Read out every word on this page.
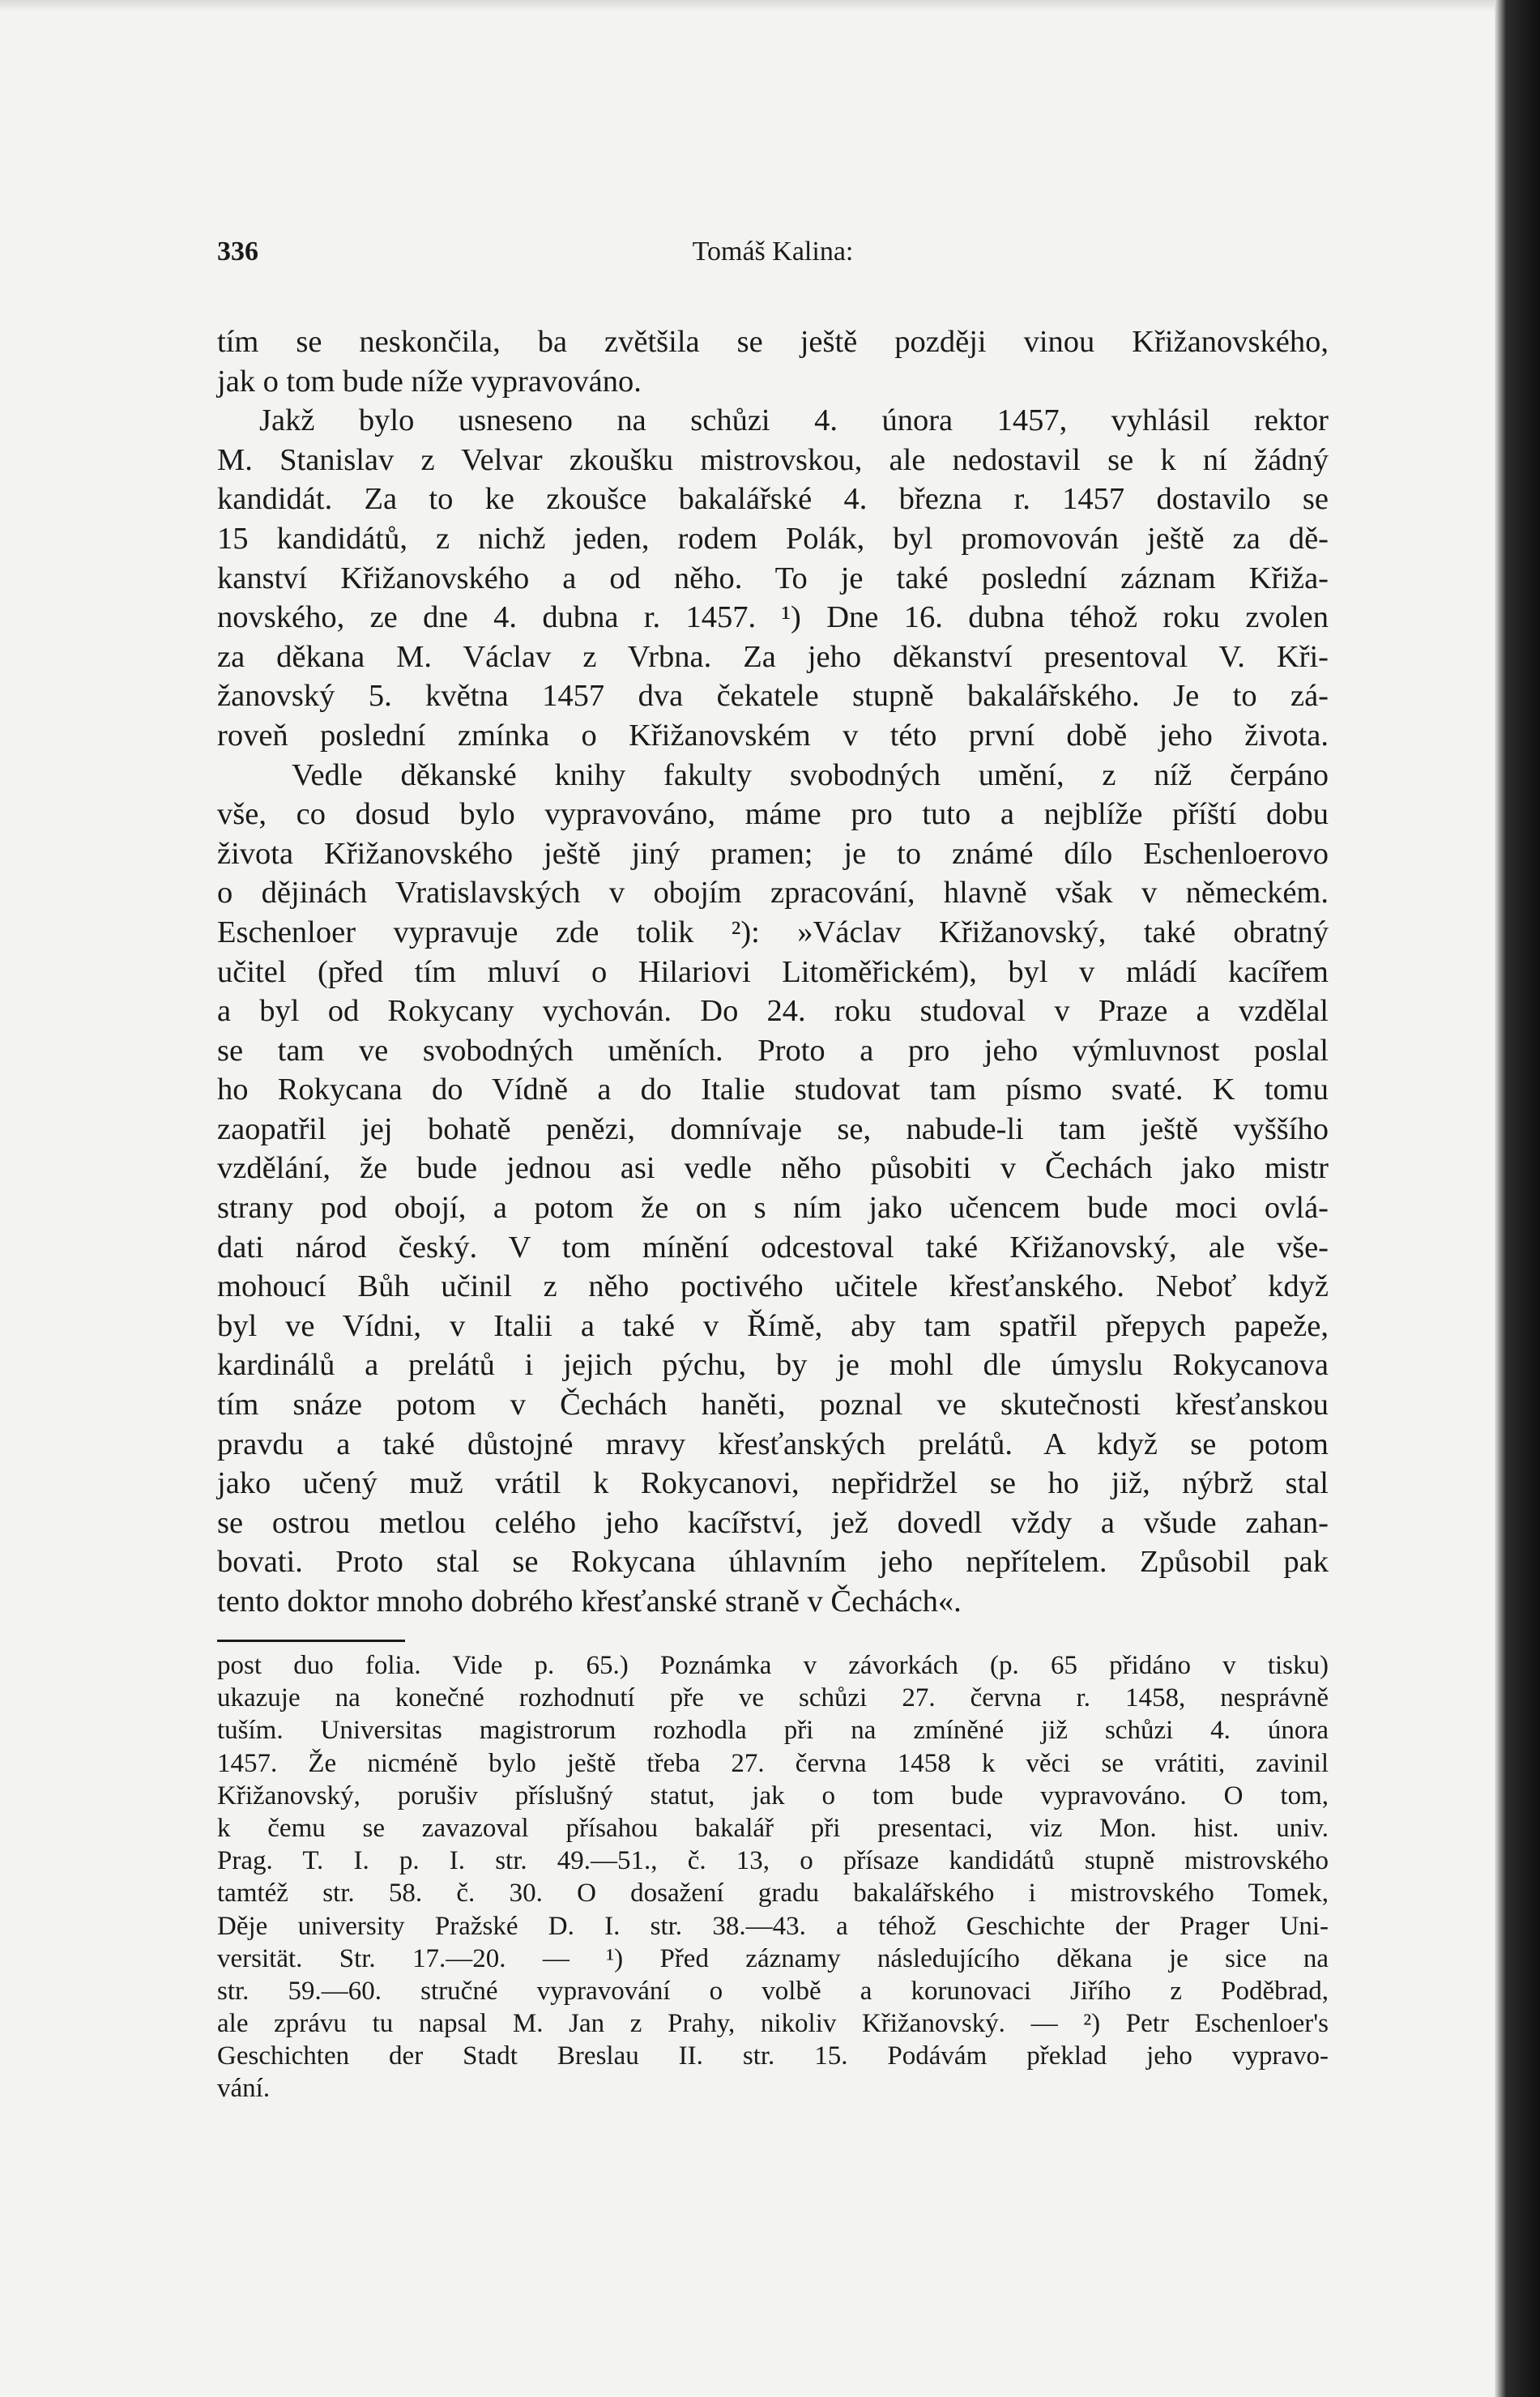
336	Tomáš Kalina:
tím se neskončila, ba zvětšila se ještě později vinou Křižanovského,
jak o tom bude níže vypravováno.
Jakž bylo usneseno na schůzi 4. února 1457, vyhlásil rektor
M. Stanislav z Velvar zkoušku mistrovskou, ale nedostavil se k ní žádný
kandidát. Za to ke zkoušce bakalářské 4. března r. 1457 dostavilo se
15 kandidátů, z nichž jeden, rodem Polák, byl promovován ještě za dě-
kanství Křižanovského a od něho. To je také poslední záznam Křiža-
novského, ze dne 4. dubna r. 1457. ¹) Dne 16. dubna téhož roku zvolen
za děkana M. Václav z Vrbna. Za jeho děkanství presentoval V. Kři-
žanovský 5. května 1457 dva čekatele stupně bakalářského. Je to zá-
roveň poslední zmínka o Křižanovském v této první době jeho života.
Vedle děkanské knihy fakulty svobodných umění, z níž čerpáno
vše, co dosud bylo vypravováno, máme pro tuto a nejblíže příští dobu
života Křižanovského ještě jiný pramen; je to známé dílo Eschenloerovo
o dějinách Vratislavských v obojím zpracování, hlavně však v německém.
Eschenloer vypravuje zde tolik ²): »Václav Křižanovský, také obratný
učitel (před tím mluví o Hilariovi Litoměřickém), byl v mládí kacířem
a byl od Rokycany vychován. Do 24. roku studoval v Praze a vzdělal
se tam ve svobodných uměních. Proto a pro jeho výmluvnost poslal
ho Rokycana do Vídně a do Italie studovat tam písmo svaté. K tomu
zaopatřil jej bohatě penězi, domnívaje se, nabude-li tam ještě vyššího
vzdělání, že bude jednou asi vedle něho působiti v Čechách jako mistr
strany pod obojí, a potom že on s ním jako učencem bude moci ovlá-
dati národ český. V tom mínění odcestoval také Křižanovský, ale vše-
mohoucí Bůh učinil z něho poctivého učitele křesťanského. Neboť když
byl ve Vídni, v Italii a také v Římě, aby tam spatřil přepych papeže,
kardinálů a prelátů i jejich pýchu, by je mohl dle úmyslu Rokycanova
tím snáze potom v Čechách haněti, poznal ve skutečnosti křesťanskou
pravdu a také důstojné mravy křesťanských prelátů. A když se potom
jako učený muž vrátil k Rokycanovi, nepřidržel se ho již, nýbrž stal
se ostrou metlou celého jeho kacířství, jež dovedl vždy a všude zahan-
bovati. Proto stal se Rokycana úhlavním jeho nepřítelem. Způsobil pak
tento doktor mnoho dobrého křesťanské straně v Čechách«.
post duo folia. Vide p. 65.) Poznámka v závorkách (p. 65 přidáno v tisku)
ukazuje na konečné rozhodnutí pře ve schůzi 27. června r. 1458, nesprávně
tuším. Universitas magistrorum rozhodla při na zmíněné již schůzi 4. února
1457. Že nicméně bylo ještě třeba 27. června 1458 k věci se vrátiti, zavinil
Křižanovský, porušiv příslušný statut, jak o tom bude vypravováno. O tom,
k čemu se zavazoval přísahou bakalář při presentaci, viz Mon. hist. univ.
Prag. T. I. p. I. str. 49.—51., č. 13, o přísaze kandidátů stupně mistrovského
tamtéž str. 58. č. 30. O dosažení gradu bakalářského i mistrovského Tomek,
Děje university Pražské D. I. str. 38.—43. a téhož Geschichte der Prager Uni-
versität. Str. 17.—20. — ¹) Před záznamy následujícího děkana je sice na
str. 59.—60. stručné vypravování o volbě a korunovaci Jiřího z Poděbrad,
ale zprávu tu napsal M. Jan z Prahy, nikoliv Křižanovský. — ²) Petr Eschenloer's
Geschichten der Stadt Breslau II. str. 15. Podávám překlad jeho vypravo-
vání.
